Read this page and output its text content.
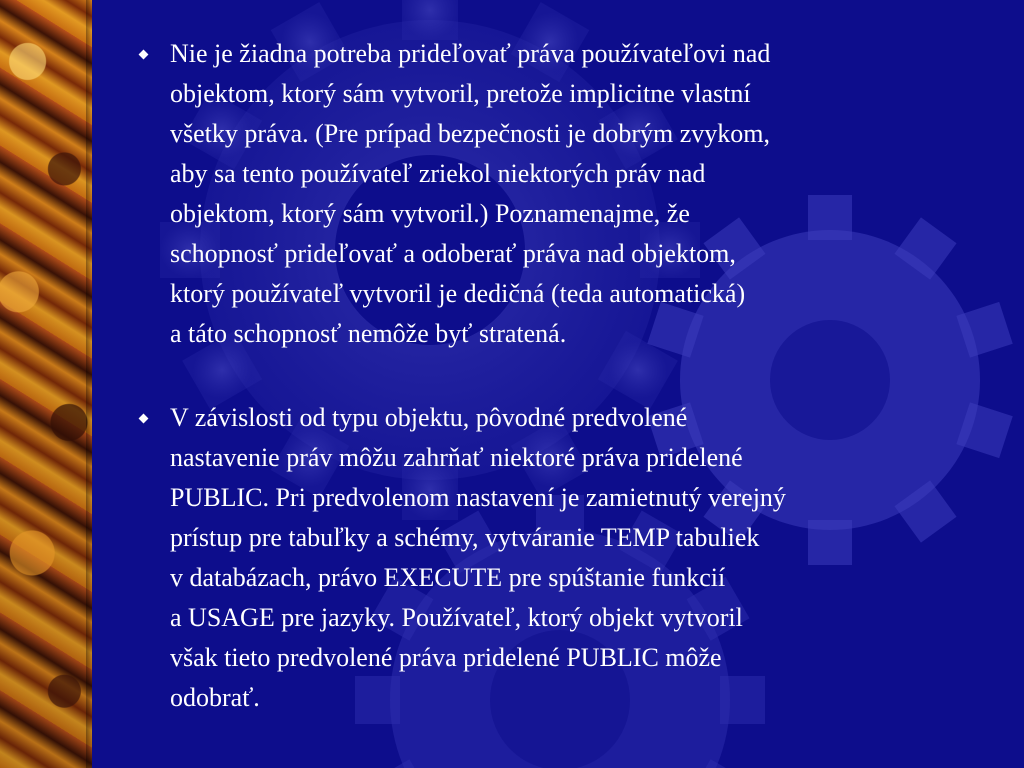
Nie je žiadna potreba prideľovať práva používateľovi nad
objektom, ktorý sám vytvoril, pretože implicitne vlastní
všetky práva. (Pre prípad bezpečnosti je dobrým zvykom,
aby sa tento používateľ zriekol niektorých práv nad
objektom, ktorý sám vytvoril.) Poznamenajme, že
schopnosť prideľovať a odoberať práva nad objektom,
ktorý používateľ vytvoril je dedičná (teda automatická)
a táto schopnosť nemôže byť stratená.
V závislosti od typu objektu, pôvodné predvolené
nastavenie práv môžu zahrňať niektoré práva pridelené
PUBLIC. Pri predvolenom nastavení je zamietnutý verejný
prístup pre tabuľky a schémy, vytváranie TEMP tabuliek
v databázach, právo EXECUTE pre spúštanie funkcií
a USAGE pre jazyky. Používateľ, ktorý objekt vytvoril
však tieto predvolené práva pridelené PUBLIC môže
odobrať.
